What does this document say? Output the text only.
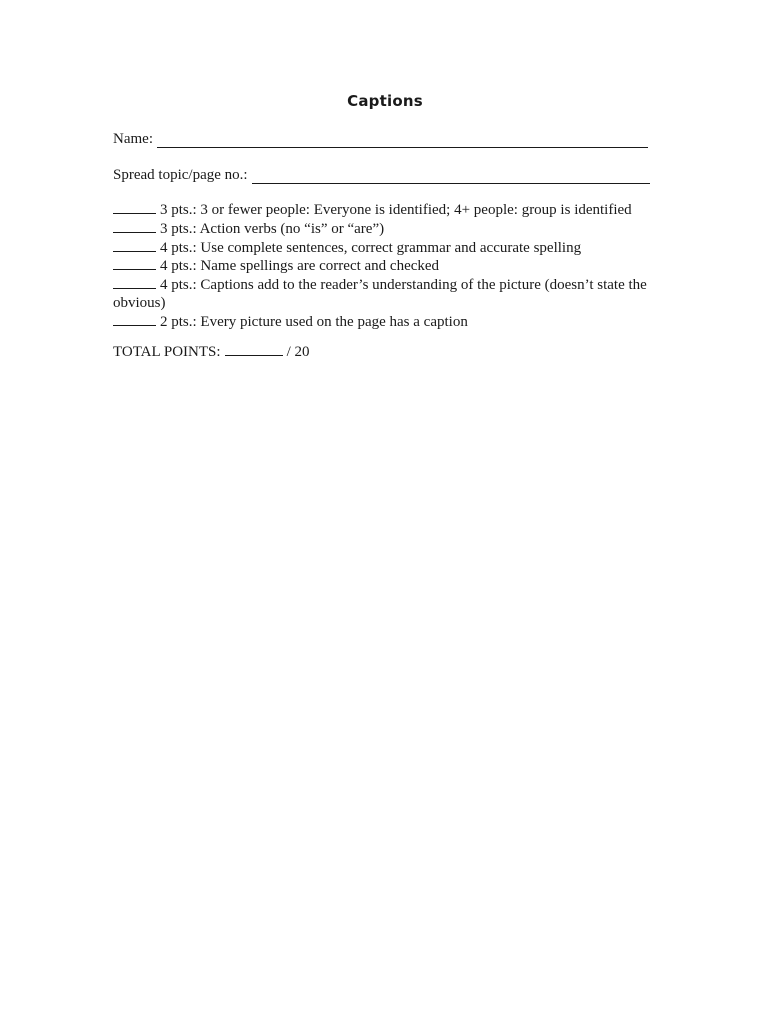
Captions
Name:
Spread topic/page no.:

3 pts.: 3 or fewer people: Everyone is identified; 4+ people: group is identified

3 pts.: Action verbs (no “is” or “are”)

4 pts.: Use complete sentences, correct grammar and accurate spelling

4 pts.: Name spellings are correct and checked

4 pts.: Captions add to the reader’s understanding of the picture (doesn’t state the obvious)

2 pts.: Every picture used on the page has a caption

TOTAL POINTS:	/ 20
